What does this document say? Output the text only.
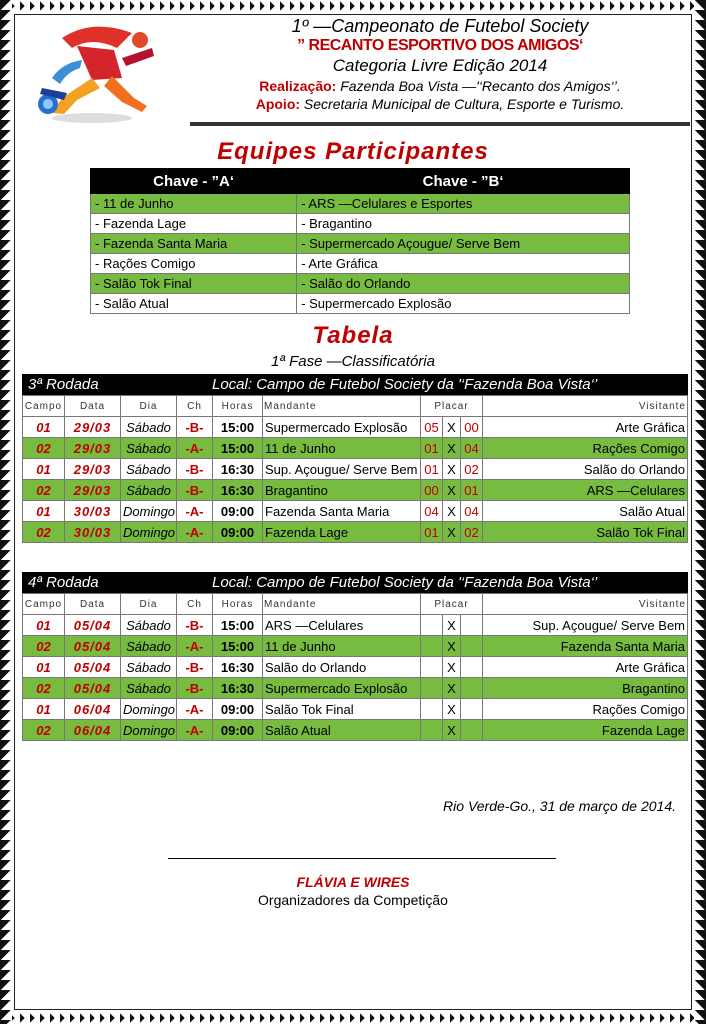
1º —Campeonato de Futebol Society
” RECANTO ESPORTIVO DOS AMIGOS‘
Categoria Livre Edição 2014
Realização: Fazenda Boa Vista —'‘Recanto dos Amigos‘’.
Apoio: Secretaria Municipal de Cultura, Esporte e Turismo.
Equipes Participantes
Chave - ”A‘	Chave - ”B‘
- 11 de Junho	- ARS —Celulares e Esportes
- Fazenda Lage	- Bragantino
- Fazenda Santa Maria	- Supermercado Açougue/ Serve Bem
- Rações Comigo	- Arte Gráfica
- Salão Tok Final	- Salão do Orlando
- Salão Atual	- Supermercado Explosão
Tabela
1ª Fase —Classificatória
3ª Rodada	Local: Campo de Futebol Society da '‘Fazenda Boa Vista‘’
Campo	Data	Dia	Ch	Horas	Mandante	Placar			Visitante
01	29/03	Sábado	-B-	15:00	Supermercado Explosão	05	X	00	Arte Gráfica
02	29/03	Sábado	-A-	15:00	11 de Junho	01	X	04	Rações Comigo
01	29/03	Sábado	-B-	16:30	Sup. Açougue/ Serve Bem	01	X	02	Salão do Orlando
02	29/03	Sábado	-B-	16:30	Bragantino	00	X	01	ARS —Celulares
01	30/03	Domingo	-A-	09:00	Fazenda Santa Maria	04	X	04	Salão Atual
02	30/03	Domingo	-A-	09:00	Fazenda Lage	01	X	02	Salão Tok Final
4ª Rodada	Local: Campo de Futebol Society da '‘Fazenda Boa Vista‘’
Campo	Data	Dia	Ch	Horas	Mandante	Placar			Visitante
01	05/04	Sábado	-B-	15:00	ARS —Celulares		X		Sup. Açougue/ Serve Bem
02	05/04	Sábado	-A-	15:00	11 de Junho		X		Fazenda Santa Maria
01	05/04	Sábado	-B-	16:30	Salão do Orlando		X		Arte Gráfica
02	05/04	Sábado	-B-	16:30	Supermercado Explosão		X		Bragantino
01	06/04	Domingo	-A-	09:00	Salão Tok Final		X		Rações Comigo
02	06/04	Domingo	-A-	09:00	Salão Atual		X		Fazenda Lage
Rio Verde-Go., 31 de março de 2014.
FLÁVIA E WIRES
Organizadores da Competição
